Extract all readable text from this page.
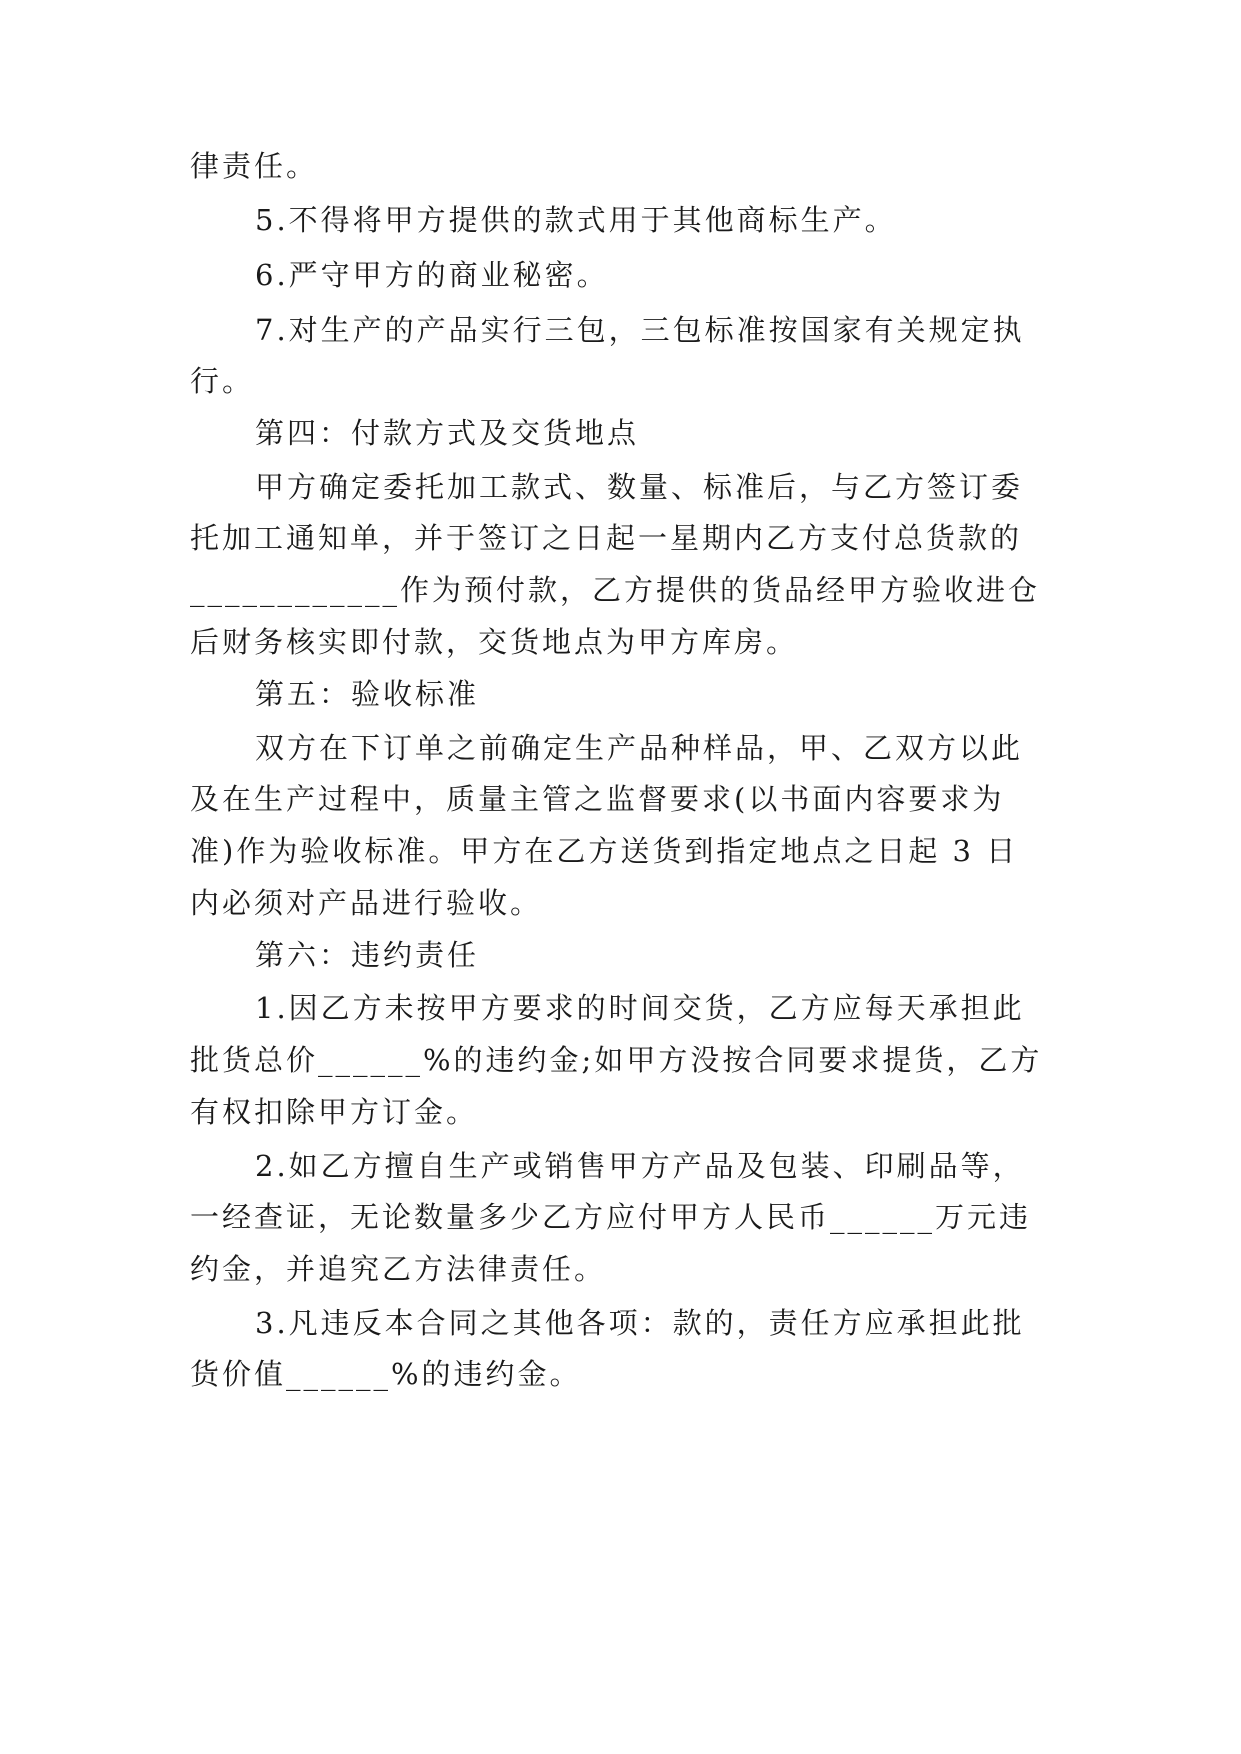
律责任。

5.不得将甲方提供的款式用于其他商标生产。

6.严守甲方的商业秘密。

7.对生产的产品实行三包，三包标准按国家有关规定执

行。

第四：付款方式及交货地点

甲方确定委托加工款式、数量、标准后，与乙方签订委

托加工通知单，并于签订之日起一星期内乙方支付总货款的

____________作为预付款，乙方提供的货品经甲方验收进仓

后财务核实即付款，交货地点为甲方库房。

第五：验收标准

双方在下订单之前确定生产品种样品，甲、乙双方以此

及在生产过程中，质量主管之监督要求(以书面内容要求为

准)作为验收标准。甲方在乙方送货到指定地点之日起 3 日

内必须对产品进行验收。

第六：违约责任

1.因乙方未按甲方要求的时间交货，乙方应每天承担此

批货总价______%的违约金;如甲方没按合同要求提货，乙方

有权扣除甲方订金。

2.如乙方擅自生产或销售甲方产品及包装、印刷品等，

一经查证，无论数量多少乙方应付甲方人民币______万元违

约金，并追究乙方法律责任。

3.凡违反本合同之其他各项：款的，责任方应承担此批

货价值______%的违约金。
